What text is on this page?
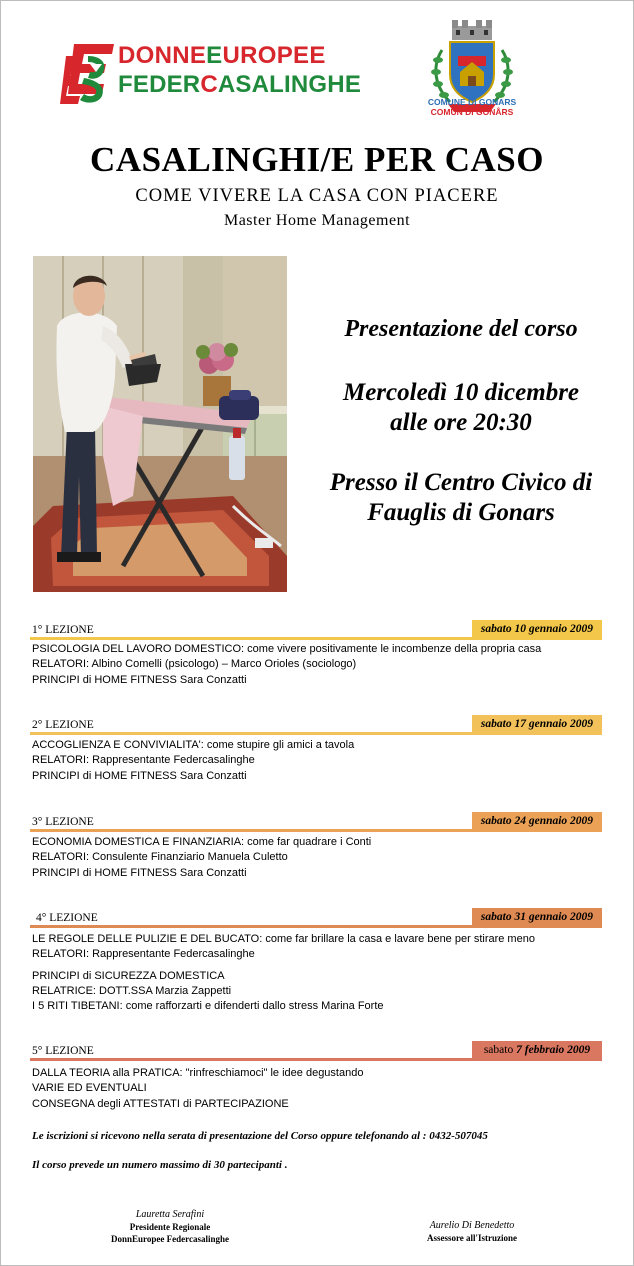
DONNEEUROPEE
FEDERCASALINGHE
COMUNE DI GONARS
COMUN DI GONÂRS
CASALINGHI/E PER CASO
COME VIVERE LA CASA CON PIACERE
Master Home Management
Presentazione del corso
Mercoledì 10 dicembre
alle ore 20:30
Presso il Centro Civico di
Fauglis di Gonars
1° LEZIONE	sabato 10 gennaio 2009
PSICOLOGIA DEL LAVORO DOMESTICO: come vivere positivamente le incombenze della propria casa
RELATORI: Albino Comelli (psicologo) – Marco Orioles (sociologo)
PRINCIPI di HOME FITNESS Sara Conzatti
2° LEZIONE	sabato 17 gennaio 2009
ACCOGLIENZA E CONVIVIALITA': come stupire gli amici a tavola
RELATORI: Rappresentante Federcasalinghe
PRINCIPI di HOME FITNESS Sara Conzatti
3° LEZIONE	sabato 24 gennaio 2009
ECONOMIA DOMESTICA E FINANZIARIA: come far quadrare i Conti
RELATORI: Consulente Finanziario Manuela Culetto
PRINCIPI di HOME FITNESS Sara Conzatti
4° LEZIONE	sabato 31 gennaio 2009
LE REGOLE DELLE PULIZIE E DEL BUCATO: come far brillare la casa e lavare bene per stirare meno
RELATORI: Rappresentante Federcasalinghe
PRINCIPI di SICUREZZA DOMESTICA
RELATRICE: DOTT.SSA Marzia Zappetti
I 5 RITI TIBETANI: come rafforzarti e difenderti dallo stress Marina Forte
5° LEZIONE	sabato 7 febbraio 2009
DALLA TEORIA alla PRATICA: "rinfreschiamoci" le idee degustando
VARIE ED EVENTUALI
CONSEGNA degli ATTESTATI di PARTECIPAZIONE
Le iscrizioni si ricevono nella serata di presentazione del Corso oppure telefonando al : 0432-507045
Il corso prevede un numero massimo di 30 partecipanti .
Lauretta Serafini
Presidente Regionale
DonnEuropee Federcasalinghe
Aurelio Di Benedetto
Assessore all'Istruzione
